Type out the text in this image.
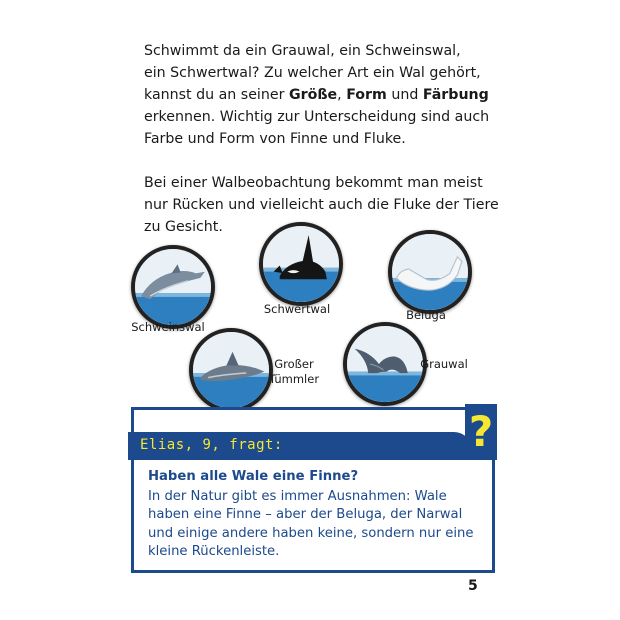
Schwimmt da ein Grauwal, ein Schweinswal,
ein Schwertwal? Zu welcher Art ein Wal gehört,
kannst du an seiner Größe, Form und Färbung
erkennen. Wichtig zur Unterscheidung sind auch
Farbe und Form von Finne und Fluke.

Bei einer Walbeobachtung bekommt man meist
nur Rücken und vielleicht auch die Fluke der Tiere
zu Gesicht.

Schweinswal
Schwertwal	Beluga
Großer
Tümmler
Grauwal
Elias, 9, fragt:	?
Haben alle Wale eine Finne?

In der Natur gibt es immer Ausnahmen: Wale
haben eine Finne – aber der Beluga, der Narwal
und einige andere haben keine, sondern nur eine
kleine Rückenleiste.

5
